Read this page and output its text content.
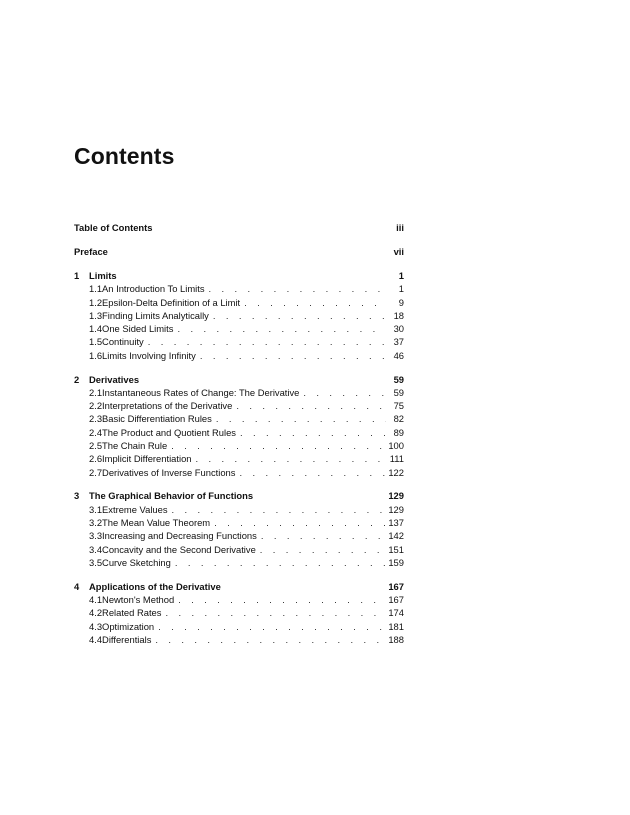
Contents
Table of Contents	iii
Preface	vii
1	Limits	1
1.1 An Introduction To Limits . . .	1
1.2 Epsilon-Delta Definition of a Limit . . .	9
1.3 Finding Limits Analytically . . .	18
1.4 One Sided Limits . . .	30
1.5 Continuity . . .	37
1.6 Limits Involving Infinity . . .	46
2	Derivatives	59
2.1 Instantaneous Rates of Change: The Derivative . . .	59
2.2 Interpretations of the Derivative . . .	75
2.3 Basic Differentiation Rules . . .	82
2.4 The Product and Quotient Rules . . .	89
2.5 The Chain Rule . . .	100
2.6 Implicit Differentiation . . .	111
2.7 Derivatives of Inverse Functions . . .	122
3	The Graphical Behavior of Functions	129
3.1 Extreme Values . . .	129
3.2 The Mean Value Theorem . . .	137
3.3 Increasing and Decreasing Functions . . .	142
3.4 Concavity and the Second Derivative . . .	151
3.5 Curve Sketching . . .	159
4	Applications of the Derivative	167
4.1 Newton's Method . . .	167
4.2 Related Rates . . .	174
4.3 Optimization . . .	181
4.4 Differentials . . .	188
